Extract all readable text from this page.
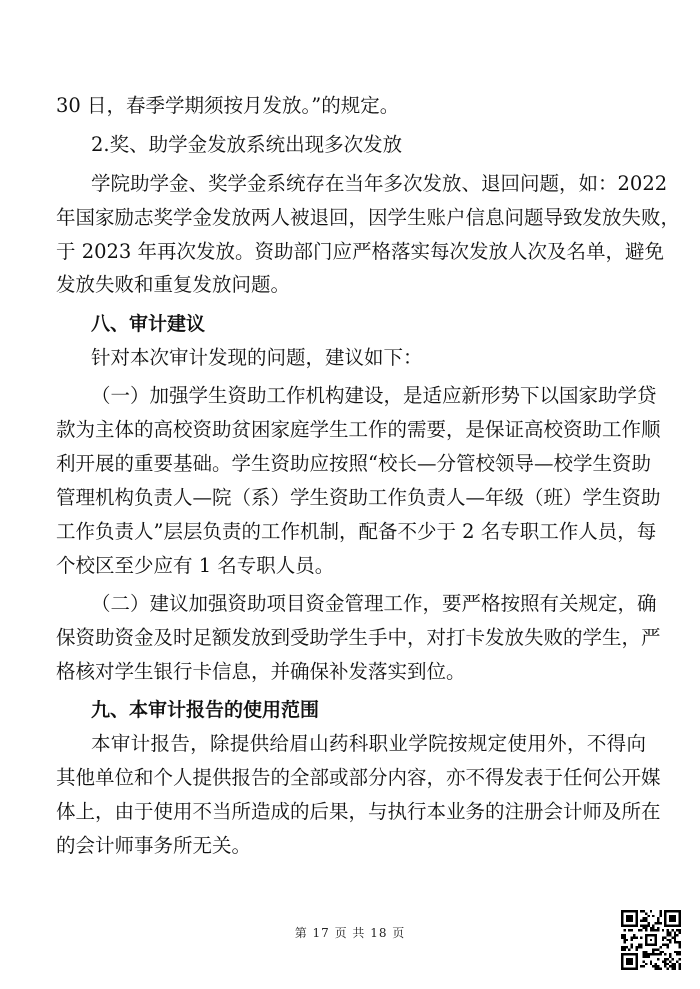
30 日，春季学期须按月发放。”的规定。
2.奖、助学金发放系统出现多次发放
学院助学金、奖学金系统存在当年多次发放、退回问题，如：2022
年国家励志奖学金发放两人被退回，因学生账户信息问题导致发放失败，
于 2023 年再次发放。资助部门应严格落实每次发放人次及名单，避免
发放失败和重复发放问题。
八、审计建议
针对本次审计发现的问题，建议如下：
（一）加强学生资助工作机构建设，是适应新形势下以国家助学贷
款为主体的高校资助贫困家庭学生工作的需要，是保证高校资助工作顺
利开展的重要基础。学生资助应按照“校长—分管校领导—校学生资助
管理机构负责人—院（系）学生资助工作负责人—年级（班）学生资助
工作负责人”层层负责的工作机制，配备不少于 2 名专职工作人员，每
个校区至少应有 1 名专职人员。
（二）建议加强资助项目资金管理工作，要严格按照有关规定，确
保资助资金及时足额发放到受助学生手中，对打卡发放失败的学生，严
格核对学生银行卡信息，并确保补发落实到位。
九、本审计报告的使用范围
本审计报告，除提供给眉山药科职业学院按规定使用外，不得向
其他单位和个人提供报告的全部或部分内容，亦不得发表于任何公开媒
体上，由于使用不当所造成的后果，与执行本业务的注册会计师及所在
的会计师事务所无关。
第 17 页 共 18 页
